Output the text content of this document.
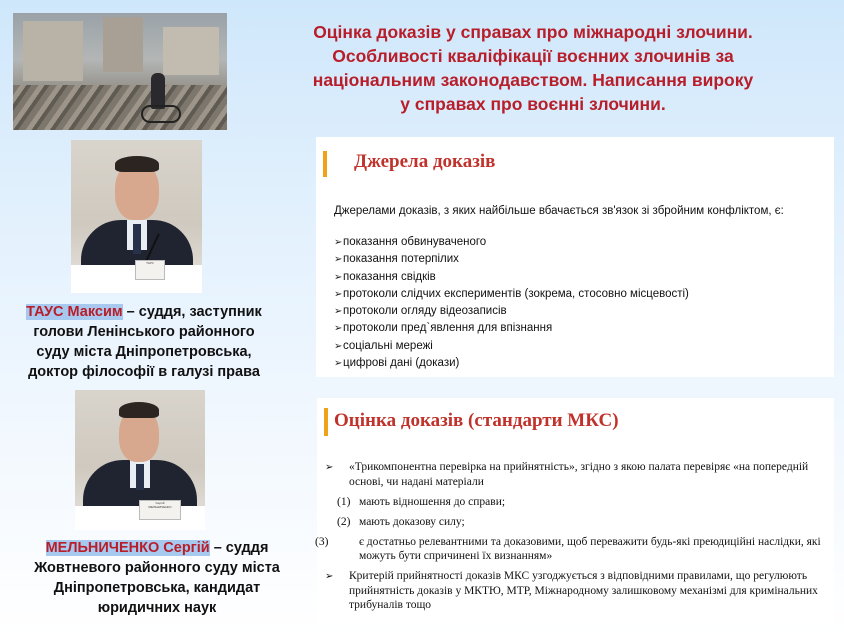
Оцінка доказів у справах про міжнародні злочини.
Особливості кваліфікації воєнних злочинів за
національним законодавством. Написання вироку
у справах про воєнні злочини.
ТАУС
ТАУС Максим – суддя, заступник
голови Ленінського районного
суду міста Дніпропетровська,
доктор філософії в галузі права
Сергій
МЕЛЬНИЧЕНКО
МЕЛЬНИЧЕНКО Сергій – суддя
Жовтневого районного суду міста
Дніпропетровська, кандидат
юридичних наук
Джерела доказів
Джерелами доказів, з яких найбільше вбачається зв'язок зі збройним конфліктом, є:
➢показання обвинуваченого
➢показання потерпілих
➢показання свідків
➢протоколи слідчих експериментів (зокрема, стосовно місцевості)
➢протоколи огляду відеозаписів
➢протоколи пред`явлення для впізнання
➢соціальні мережі
➢цифрові дані (докази)
Оцінка доказів (стандарти МКС)
➢ «Трикомпонентна перевірка на прийнятність», згідно з якою палата перевіряє «на попередній основі, чи надані матеріали
(1) мають відношення до справи;
(2) мають доказову силу;
(3)	є достатньо релевантними та доказовими, щоб переважити будь-які преюдиційні наслідки, які можуть бути спричинені їх визнанням»
➢ Критерій прийнятності доказів МКС узгоджується з відповідними правилами, що регулюють прийнятність доказів у МКТЮ, МТР, Міжнародному залишковому механізмі для кримінальних трибуналів тощо
